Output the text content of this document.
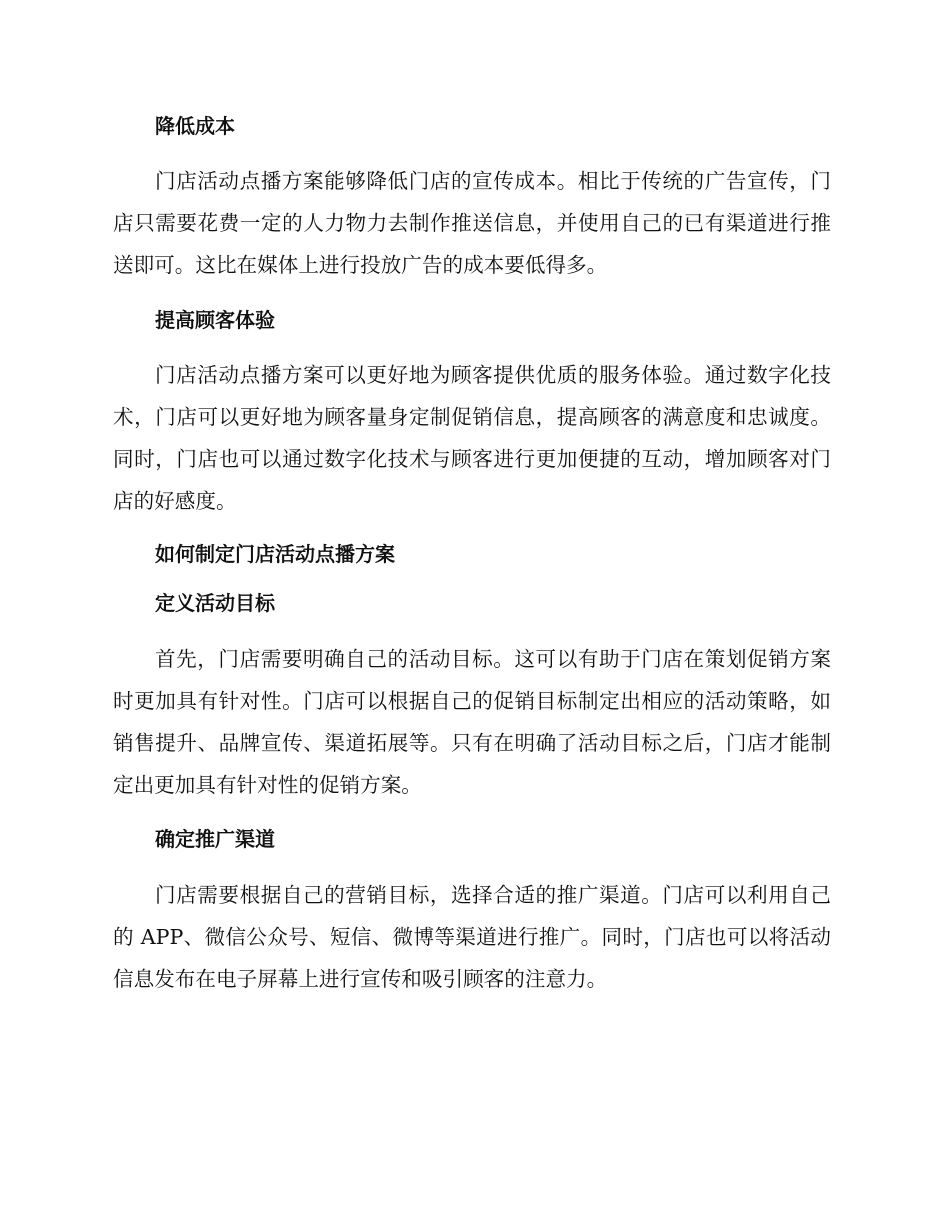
降低成本

门店活动点播方案能够降低门店的宣传成本。相比于传统的广告宣传，门店只需要花费一定的人力物力去制作推送信息，并使用自己的已有渠道进行推送即可。这比在媒体上进行投放广告的成本要低得多。

提高顾客体验

门店活动点播方案可以更好地为顾客提供优质的服务体验。通过数字化技术，门店可以更好地为顾客量身定制促销信息，提高顾客的满意度和忠诚度。同时，门店也可以通过数字化技术与顾客进行更加便捷的互动，增加顾客对门店的好感度。

如何制定门店活动点播方案
定义活动目标

首先，门店需要明确自己的活动目标。这可以有助于门店在策划促销方案时更加具有针对性。门店可以根据自己的促销目标制定出相应的活动策略，如销售提升、品牌宣传、渠道拓展等。只有在明确了活动目标之后，门店才能制定出更加具有针对性的促销方案。

确定推广渠道

门店需要根据自己的营销目标，选择合适的推广渠道。门店可以利用自己的 APP、微信公众号、短信、微博等渠道进行推广。同时，门店也可以将活动信息发布在电子屏幕上进行宣传和吸引顾客的注意力。
